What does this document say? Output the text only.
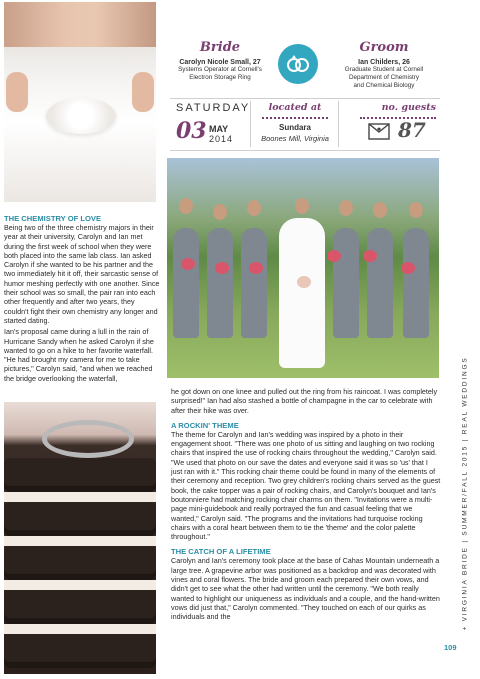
Bride
Carolyn Nicole Small, 27
Systems Operator at Cornell's
Electron Storage Ring
Groom
Ian Childers, 26
Graduate Student at Cornell
Department of Chemistry
and Chemical Biology
SATURDAY
03 MAY
2014
located at
Sundara
Boones Mill, Virginia
no. guests
87
THE CHEMISTRY OF LOVE

Being two of the three chemistry majors in their year at their university, Carolyn and Ian met during the first week of school when they were both placed into the same lab class. Ian asked Carolyn if she wanted to be his partner and the two immediately hit it off, their sarcastic sense of humor meshing perfectly with one another. Since their school was so small, the pair ran into each other frequently and after two years, they couldn't fight their own chemistry any longer and started dating.

Ian's proposal came during a lull in the rain of Hurricane Sandy when he asked Carolyn if she wanted to go on a hike to her favorite waterfall. "He had brought my camera for me to take pictures," Carolyn said, "and when we reached the bridge overlooking the waterfall,

he got down on one knee and pulled out the ring from his raincoat. I was completely surprised!" Ian had also stashed a bottle of champagne in the car to celebrate with after their hike was over.

A ROCKIN' THEME

The theme for Carolyn and Ian's wedding was inspired by a photo in their engagement shoot. "There was one photo of us sitting and laughing on two rocking chairs that inspired the use of rocking chairs throughout the wedding," Carolyn said. "We used that photo on our save the dates and everyone said it was so 'us' that I just ran with it." This rocking chair theme could be found in many of the elements of their ceremony and reception. Two grey children's rocking chairs served as the guest book, the cake topper was a pair of rocking chairs, and Carolyn's bouquet and Ian's boutonniere had matching rocking chair charms on them. "Invitations were a multi-page mini-guidebook and really portrayed the fun and casual feeling that we wanted," Carolyn said. "The programs and the invitations had turquoise rocking chairs with a coral heart between them to tie the 'theme' and the color palette throughout."

THE CATCH OF A LIFETIME

Carolyn and Ian's ceremony took place at the base of Cahas Mountain underneath a large tree. A grapevine arbor was positioned as a backdrop and was decorated with vines and coral flowers. The bride and groom each prepared their own vows, and didn't get to see what the other had written until the ceremony. "We both really wanted to highlight our uniqueness as individuals and a couple, and the hand-written vows did just that," Carolyn commented. "They touched on each of our quirks as individuals and the	+ VIRGINIA BRIDE | SUMMER/FALL 2015 | REAL WEDDINGS
109
